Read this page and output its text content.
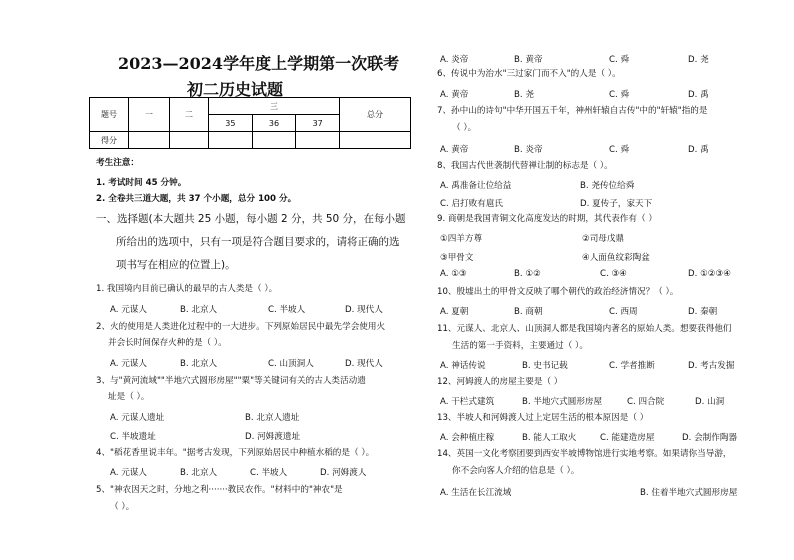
2023—2024学年度上学期第一次联考
初二历史试题
题号	一	二	三			总分
			35	36	37	
得分						
考生注意：
1. 考试时间 45 分钟。
2. 全卷共三道大题，共 37 个小题，总分 100 分。
一、选择题(本大题共 25 小题，每小题 2 分，共 50 分，在每小题
所给出的选项中，只有一项是符合题目要求的，请将正确的选
项书写在相应的位置上)。
1. 我国境内目前已确认的最早的古人类是（ ）。
A. 元谋人	B. 北京人	C. 半坡人	D. 现代人
2、火的使用是人类进化过程中的一大进步。下列原始居民中最先学会使用火
并会长时间保存火种的是（ ）。
A. 元谋人	B. 北京人	C. 山顶洞人	D. 现代人
3、与"黄河流域""半地穴式圆形房屋""粟"等关键词有关的古人类活动遗
址是（ ）。
A. 元谋人遗址	B. 北京人遗址
C. 半坡遗址	D. 河姆渡遗址
4、"稻花香里说丰年。"据考古发现，下列原始居民中种植水稻的是（ ）。
A. 元谋人	B. 北京人	C. 半坡人	D. 河姆渡人
5、"神农因天之时，分地之利·······教民农作。"材料中的"神农"是
（ ）。
A. 炎帝	B. 黄帝	C. 舜	D. 尧
6、传说中为治水"三过家门而不入"的人是（ ）。
A. 黄帝	B. 尧	C. 舜	D. 禹
7、孙中山的诗句"中华开国五千年，神州轩辕自古传"中的"轩辕"指的是
（ ）。
A. 黄帝	B. 炎帝	C. 舜	D. 禹
8、我国古代世袭制代替禅让制的标志是（ ）。
A. 禹准备让位给益	B. 尧传位给舜
C. 启打败有扈氏	D. 夏传子，家天下
9. 商朝是我国青铜文化高度发达的时期，其代表作有（ ）
①四羊方尊	②司母戊鼎
③甲骨文	④人面鱼纹彩陶盆
A. ①③	B. ①②	C. ③④	D. ①②③④
10、殷墟出土的甲骨文反映了哪个朝代的政治经济情况？（ ）。
A. 夏朝	B. 商朝	C. 西周	D. 秦朝
11、元谋人、北京人、山顶洞人都是我国境内著名的原始人类。想要获得他们
生活的第一手资料，主要通过（ ）。
A. 神话传说	B. 史书记载	C. 学者推断	D. 考古发掘
12、河姆渡人的房屋主要是（ ）
A. 干栏式建筑	B. 半地穴式圆形房屋	C. 四合院	D. 山洞
13、半坡人和河姆渡人过上定居生活的根本原因是（ ）
A. 会种植庄稼	B. 能人工取火	C. 能建造房屋	D. 会制作陶器
14、英国一文化考察团要到西安半坡博物馆进行实地考察。如果请你当导游，
你不会向客人介绍的信息是（ ）。
A. 生活在长江流域	B. 住着半地穴式圆形房屋
